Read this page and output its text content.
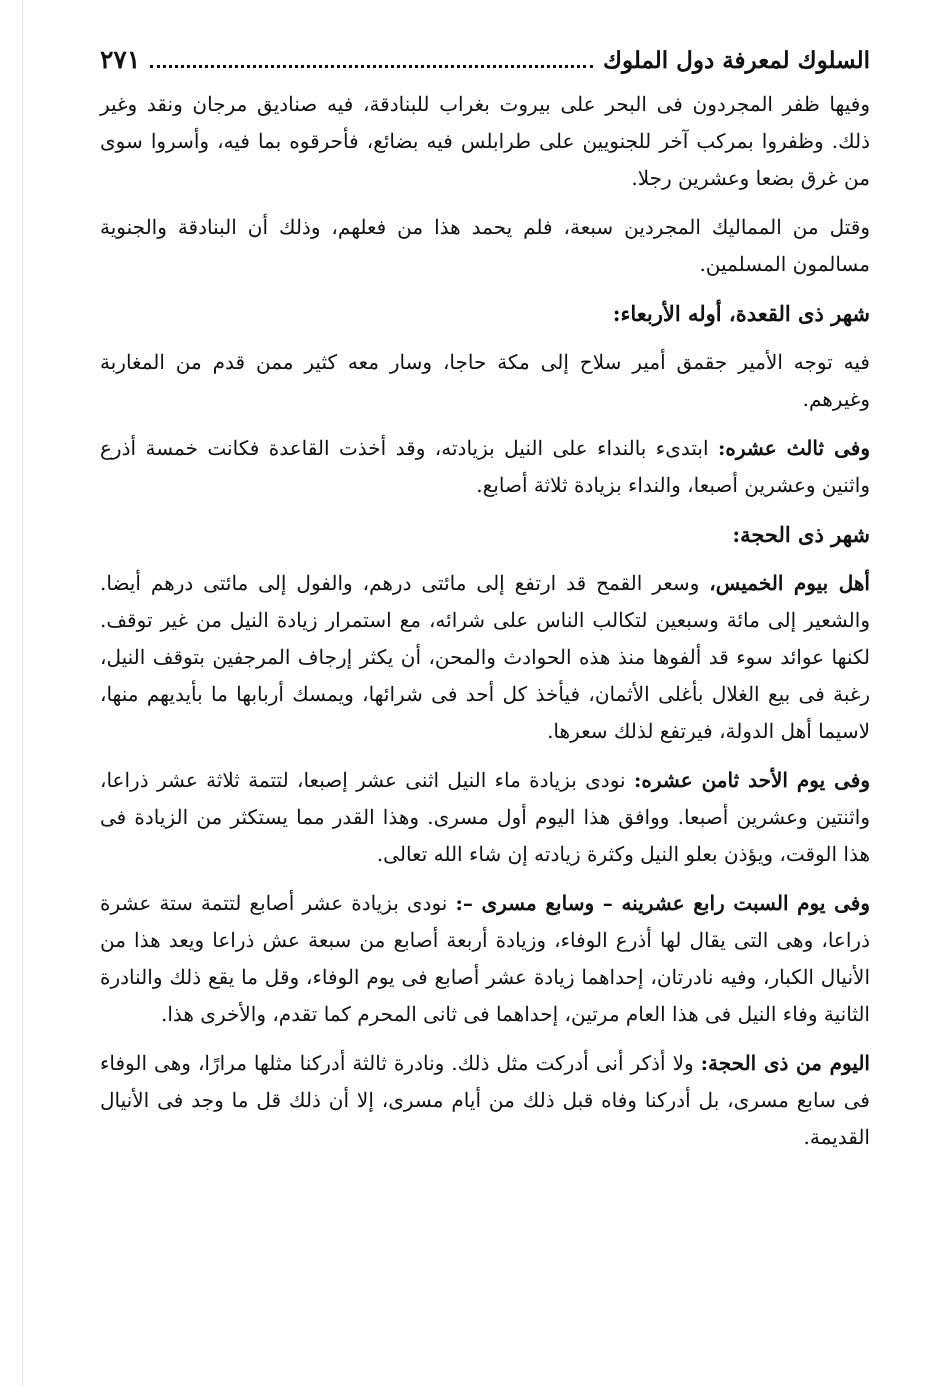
السلوك لمعرفة دول الملوك
٢٧١

وفيها ظفر المجردون فى البحر على بيروت بغراب للبنادقة، فيه صناديق مرجان ونقد وغير ذلك. وظفروا بمركب آخر للجنويين على طرابلس فيه بضائع، فأحرقوه بما فيه، وأسروا سوى من غرق بضعا وعشرين رجلا.

وقتل من المماليك المجردين سبعة، فلم يحمد هذا من فعلهم، وذلك أن البنادقة والجنوية مسالمون المسلمين.

شهر ذى القعدة، أوله الأربعاء:

فيه توجه الأمير جقمق أمير سلاح إلى مكة حاجا، وسار معه كثير ممن قدم من المغاربة وغيرهم.

وفى ثالث عشره: ابتدىء بالنداء على النيل بزيادته، وقد أخذت القاعدة فكانت خمسة أذرع واثنين وعشرين أصبعا، والنداء بزيادة ثلاثة أصابع.

شهر ذى الحجة:

أهل بيوم الخميس، وسعر القمح قد ارتفع إلى مائتى درهم، والفول إلى مائتى درهم أيضا. والشعير إلى مائة وسبعين لتكالب الناس على شرائه، مع استمرار زيادة النيل من غير توقف. لكنها عوائد سوء قد ألفوها منذ هذه الحوادث والمحن، أن يكثر إرجاف المرجفين بتوقف النيل، رغبة فى بيع الغلال بأغلى الأثمان، فيأخذ كل أحد فى شرائها، ويمسك أربابها ما بأيديهم منها، لاسيما أهل الدولة، فيرتفع لذلك سعرها.

وفى يوم الأحد ثامن عشره: نودى بزيادة ماء النيل اثنى عشر إصبعا، لتتمة ثلاثة عشر ذراعا، واثنتين وعشرين أصبعا. ووافق هذا اليوم أول مسرى. وهذا القدر مما يستكثر من الزيادة فى هذا الوقت، ويؤذن بعلو النيل وكثرة زيادته إن شاء الله تعالى.

وفى يوم السبت رابع عشرينه – وسابع مسرى –: نودى بزيادة عشر أصابع لتتمة ستة عشرة ذراعا، وهى التى يقال لها أذرع الوفاء، وزيادة أربعة أصابع من سبعة عش ذراعا ويعد هذا من الأنيال الكبار، وفيه نادرتان، إحداهما زيادة عشر أصابع فى يوم الوفاء، وقل ما يقع ذلك والنادرة الثانية وفاء النيل فى هذا العام مرتين، إحداهما فى ثانى المحرم كما تقدم، والأخرى هذا.

اليوم من ذى الحجة: ولا أذكر أنى أدركت مثل ذلك. ونادرة ثالثة أدركنا مثلها مرارًا، وهى الوفاء فى سابع مسرى، بل أدركنا وفاه قبل ذلك من أيام مسرى، إلا أن ذلك قل ما وجد فى الأنيال القديمة.
